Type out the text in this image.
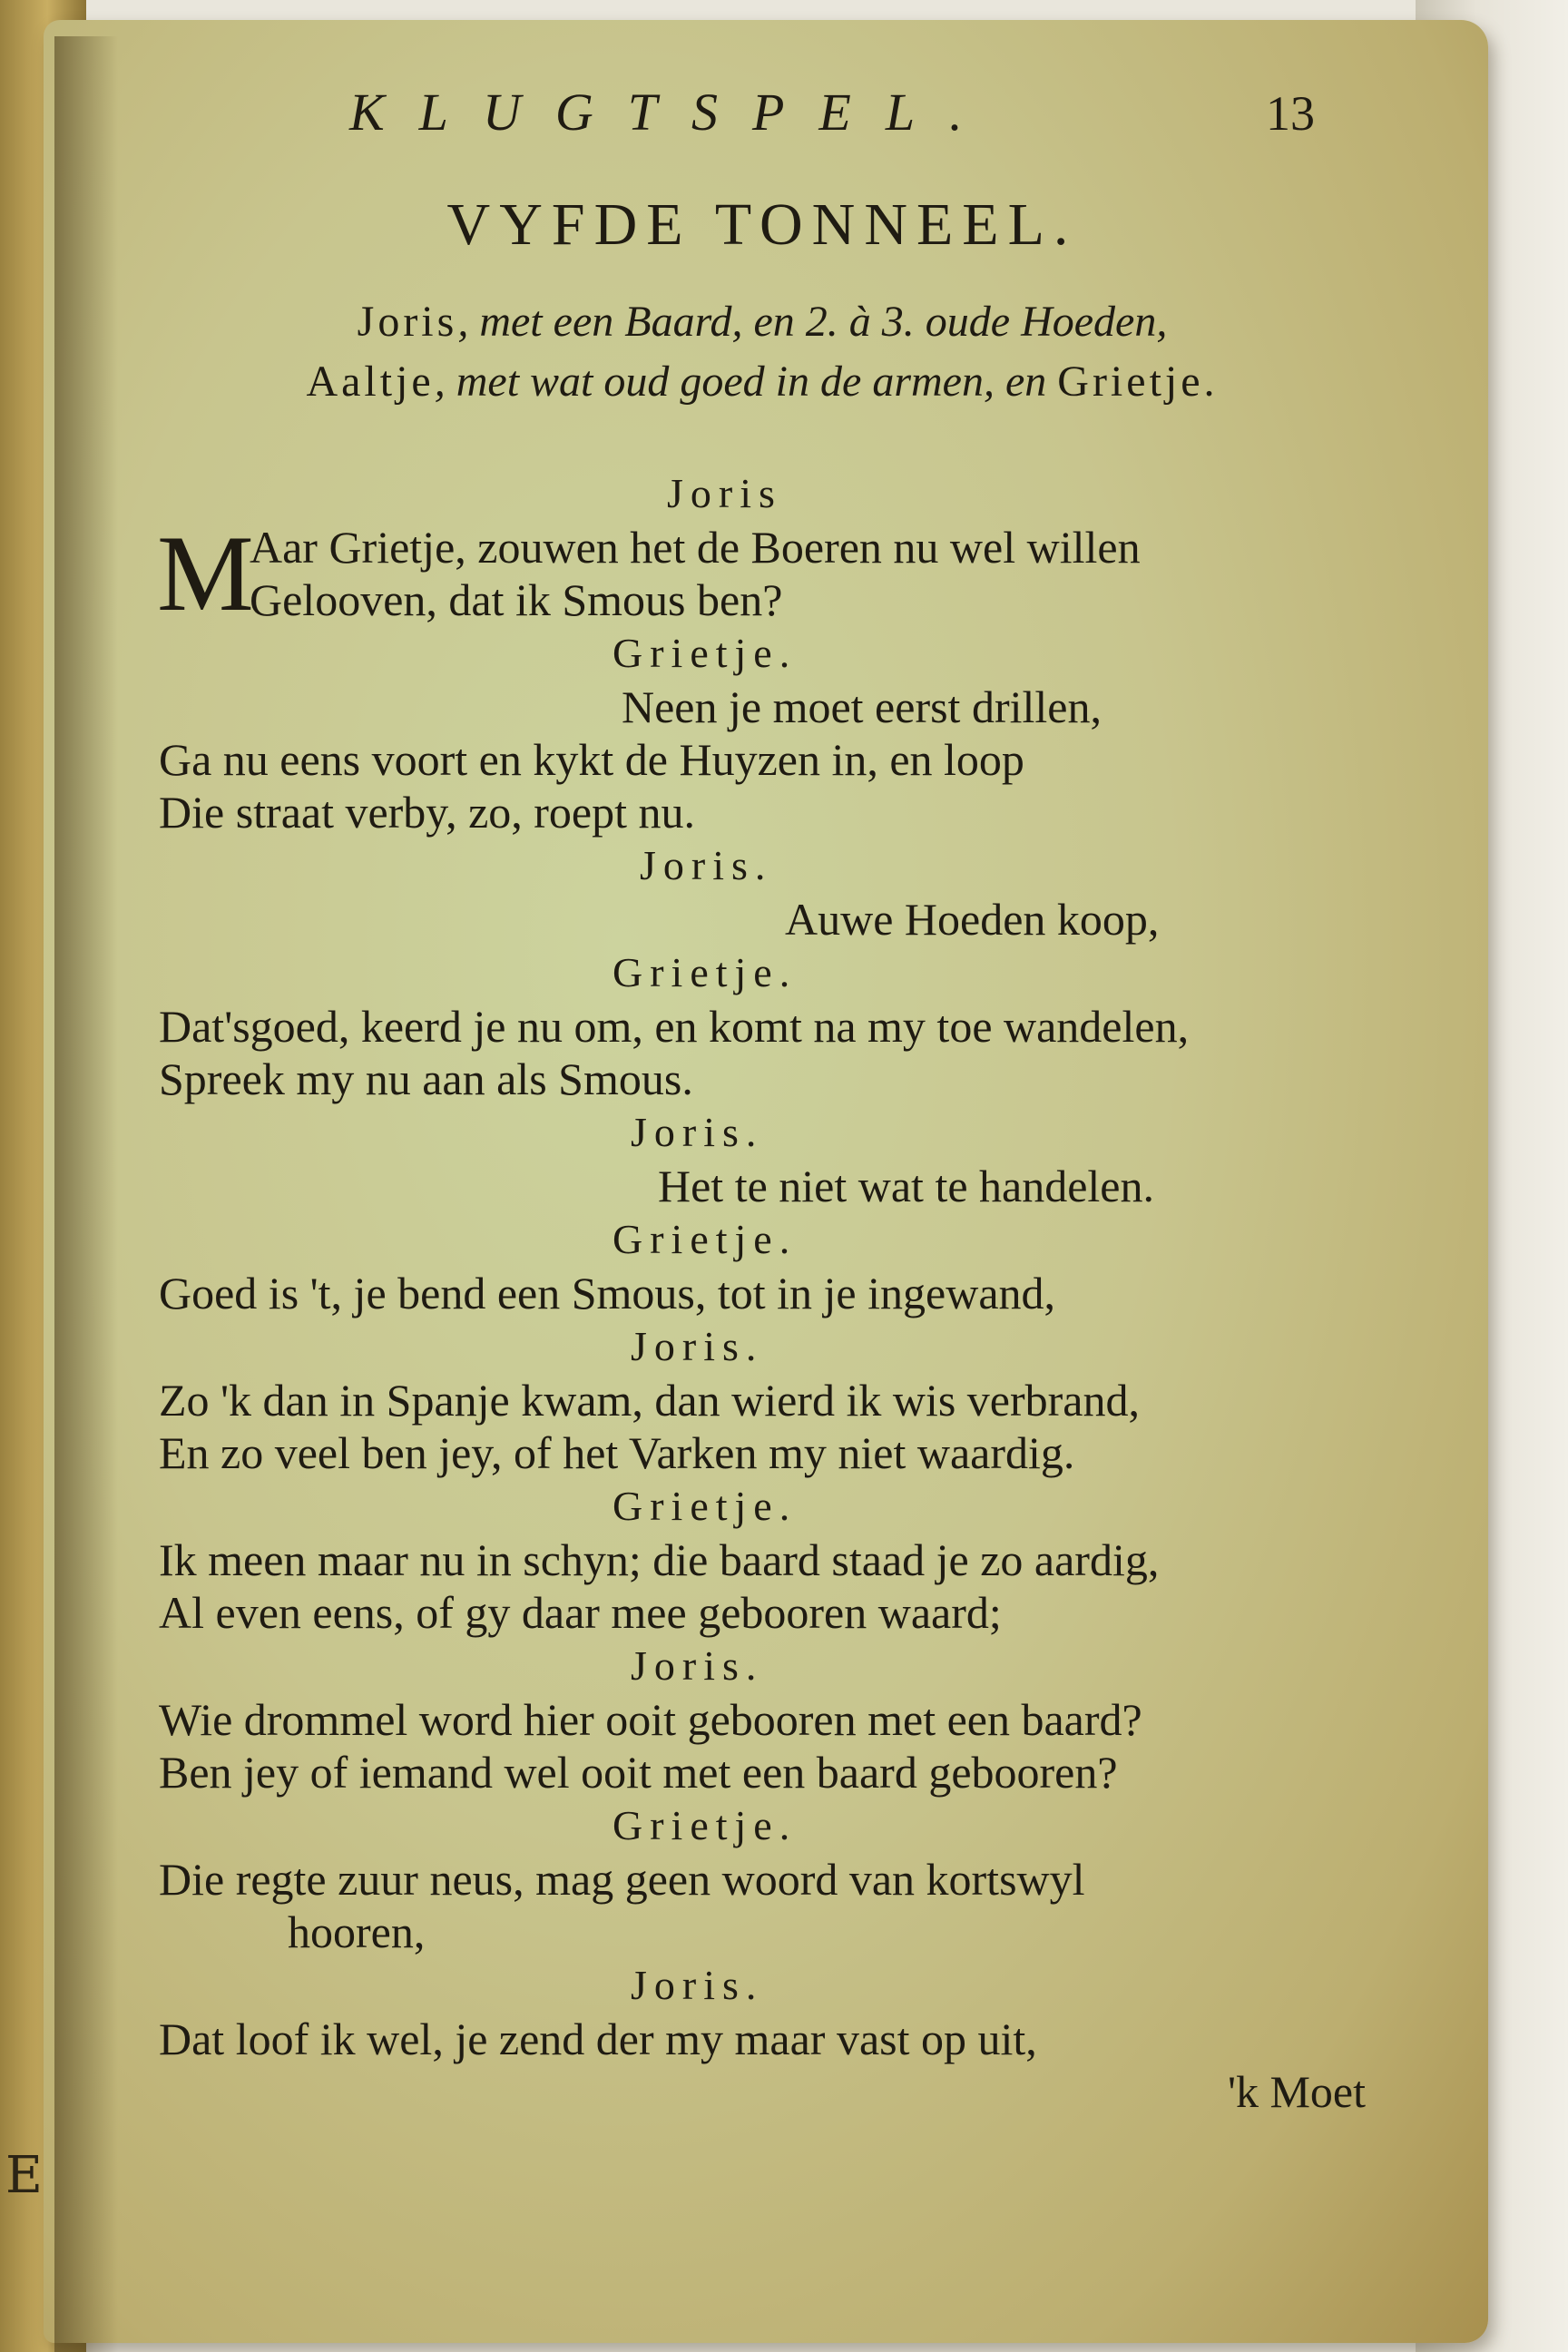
E
KLUGTSPEL.	13
VYFDE TONNEEL.
Joris, met een Baard, en 2. à 3. oude Hoeden,
Aaltje, met wat oud goed in de armen, en Grietje.
Joris
M
Aar Grietje, zouwen het de Boeren nu wel willen
Gelooven, dat ik Smous ben?
Grietje.
Neen je moet eerst drillen,
Ga nu eens voort en kykt de Huyzen in, en loop
Die straat verby, zo, roept nu.
Joris.
Auwe Hoeden koop,
Grietje.
Dat'sgoed, keerd je nu om, en komt na my toe wandelen,
Spreek my nu aan als Smous.
Joris.
Het te niet wat te handelen.
Grietje.
Goed is 't, je bend een Smous, tot in je ingewand,
Joris.
Zo 'k dan in Spanje kwam, dan wierd ik wis verbrand,
En zo veel ben jey, of het Varken my niet waardig.
Grietje.
Ik meen maar nu in schyn; die baard staad je zo aardig,
Al even eens, of gy daar mee gebooren waard;
Joris.
Wie drommel word hier ooit gebooren met een baard?
Ben jey of iemand wel ooit met een baard gebooren?
Grietje.
Die regte zuur neus, mag geen woord van kortswyl
hooren,
Joris.
Dat loof ik wel, je zend der my maar vast op uit,
'k Moet
